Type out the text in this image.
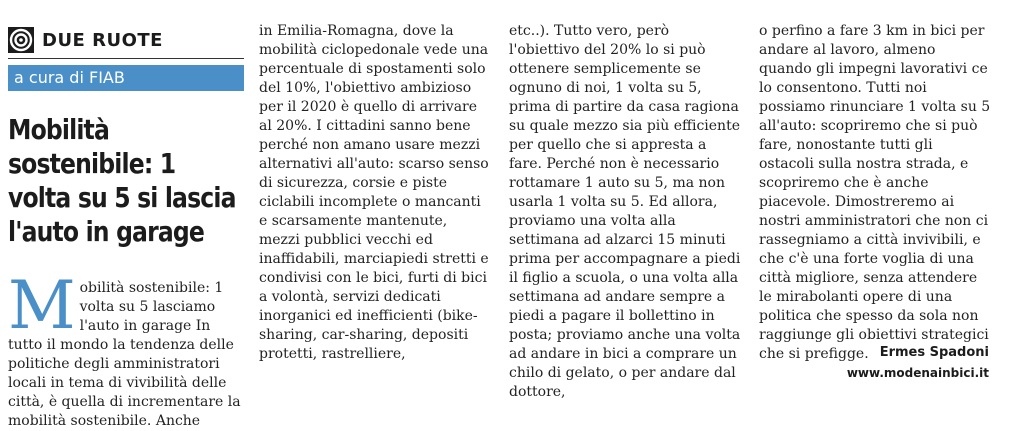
DUE RUOTE
a cura di FIAB
Mobilità sostenibile: 1 volta su 5 si lascia l'auto in garage

Mobilità sostenibile: 1 volta su 5 lasciamo l'auto in garage In tutto il mondo la tendenza delle politiche degli amministratori locali in tema di vivibilità delle città, è quella di incrementare la mobilità sostenibile. Anche

in Emilia-Romagna, dove la mobilità ciclopedonale vede una percentuale di spostamenti solo del 10%, l'obiettivo ambizioso per il 2020 è quello di arrivare al 20%. I cittadini sanno bene perché non amano usare mezzi alternativi all'auto: scarso senso di sicurezza, corsie e piste ciclabili incomplete o mancanti e scarsamente mantenute, mezzi pubblici vecchi ed inaffidabili, marciapiedi stretti e condivisi con le bici, furti di bici a volontà, servizi dedicati inorganici ed inefficienti (bike-sharing, car-sharing, depositi protetti, rastrelliere,

etc..). Tutto vero, però l'obiettivo del 20% lo si può ottenere semplicemente se ognuno di noi, 1 volta su 5, prima di partire da casa ragiona su quale mezzo sia più efficiente per quello che si appresta a fare. Perché non è necessario rottamare 1 auto su 5, ma non usarla 1 volta su 5. Ed allora, proviamo una volta alla settimana ad alzarci 15 minuti prima per accompagnare a piedi il figlio a scuola, o una volta alla settimana ad andare sempre a piedi a pagare il bollettino in posta; proviamo anche una volta ad andare in bici a comprare un chilo di gelato, o per andare dal dottore,

o perfino a fare 3 km in bici per andare al lavoro, almeno quando gli impegni lavorativi ce lo consentono. Tutti noi possiamo rinunciare 1 volta su 5 all'auto: scopriremo che si può fare, nonostante tutti gli ostacoli sulla nostra strada, e scopriremo che è anche piacevole. Dimostreremo ai nostri amministratori che non ci rassegniamo a città invivibili, e che c'è una forte voglia di una città migliore, senza attendere le mirabolanti opere di una politica che spesso da sola non raggiunge gli obiettivi strategici che si prefigge. Ermes Spadoni
www.modenainbici.it
